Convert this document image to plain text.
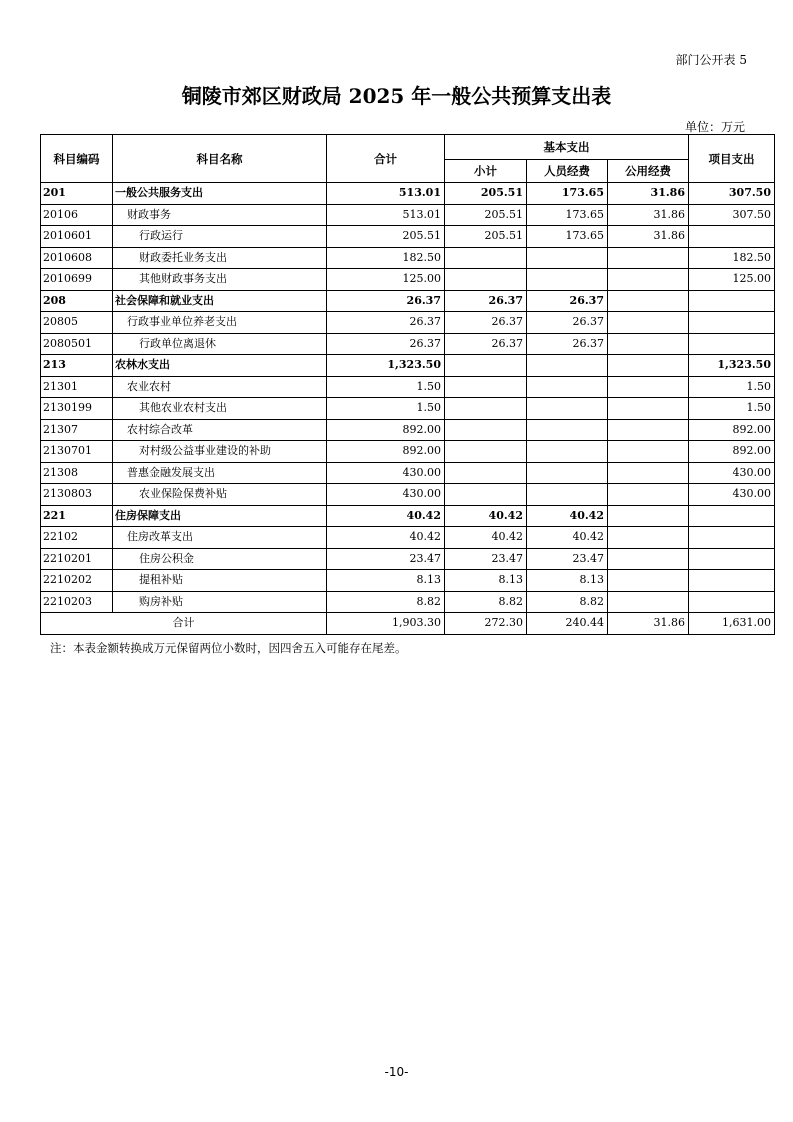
部门公开表 5
铜陵市郊区财政局 2025 年一般公共预算支出表
单位：万元
科目编码	科目名称	合计	基本支出			项目支出
			小计	人员经费	公用经费	
201	一般公共服务支出	513.01	205.51	173.65	31.86	307.50
20106	财政事务	513.01	205.51	173.65	31.86	307.50
2010601	行政运行	205.51	205.51	173.65	31.86	
2010608	财政委托业务支出	182.50				182.50
2010699	其他财政事务支出	125.00				125.00
208	社会保障和就业支出	26.37	26.37	26.37		
20805	行政事业单位养老支出	26.37	26.37	26.37		
2080501	行政单位离退休	26.37	26.37	26.37		
213	农林水支出	1,323.50				1,323.50
21301	农业农村	1.50				1.50
2130199	其他农业农村支出	1.50				1.50
21307	农村综合改革	892.00				892.00
2130701	对村级公益事业建设的补助	892.00				892.00
21308	普惠金融发展支出	430.00				430.00
2130803	农业保险保费补贴	430.00				430.00
221	住房保障支出	40.42	40.42	40.42		
22102	住房改革支出	40.42	40.42	40.42		
2210201	住房公积金	23.47	23.47	23.47		
2210202	提租补贴	8.13	8.13	8.13		
2210203	购房补贴	8.82	8.82	8.82		
合计		1,903.30	272.30	240.44	31.86	1,631.00
注：本表金额转换成万元保留两位小数时，因四舍五入可能存在尾差。
-10-
